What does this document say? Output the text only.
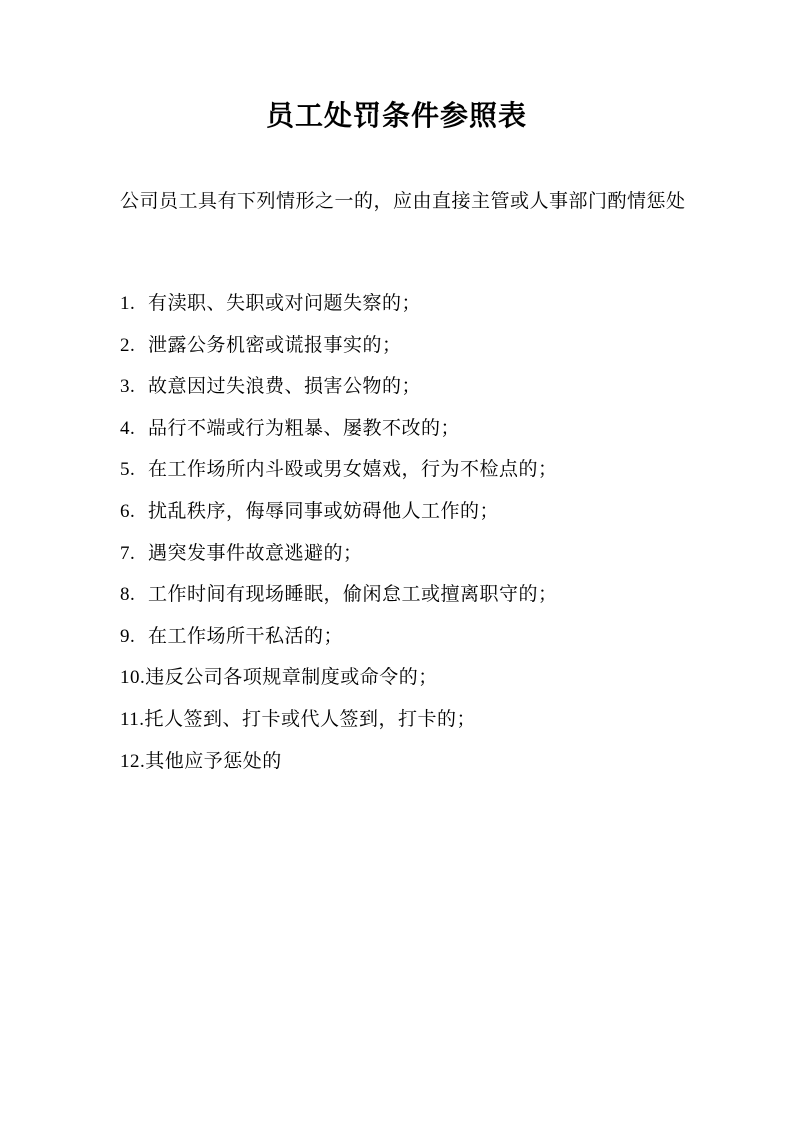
员工处罚条件参照表

公司员工具有下列情形之一的，应由直接主管或人事部门酌情惩处

1. 有渎职、失职或对问题失察的；
2. 泄露公务机密或谎报事实的；
3. 故意因过失浪费、损害公物的；
4. 品行不端或行为粗暴、屡教不改的；
5. 在工作场所内斗殴或男女嬉戏，行为不检点的；
6. 扰乱秩序，侮辱同事或妨碍他人工作的；
7. 遇突发事件故意逃避的；
8. 工作时间有现场睡眠，偷闲怠工或擅离职守的；
9. 在工作场所干私活的；
10.违反公司各项规章制度或命令的；
11.托人签到、打卡或代人签到，打卡的；
12.其他应予惩处的
